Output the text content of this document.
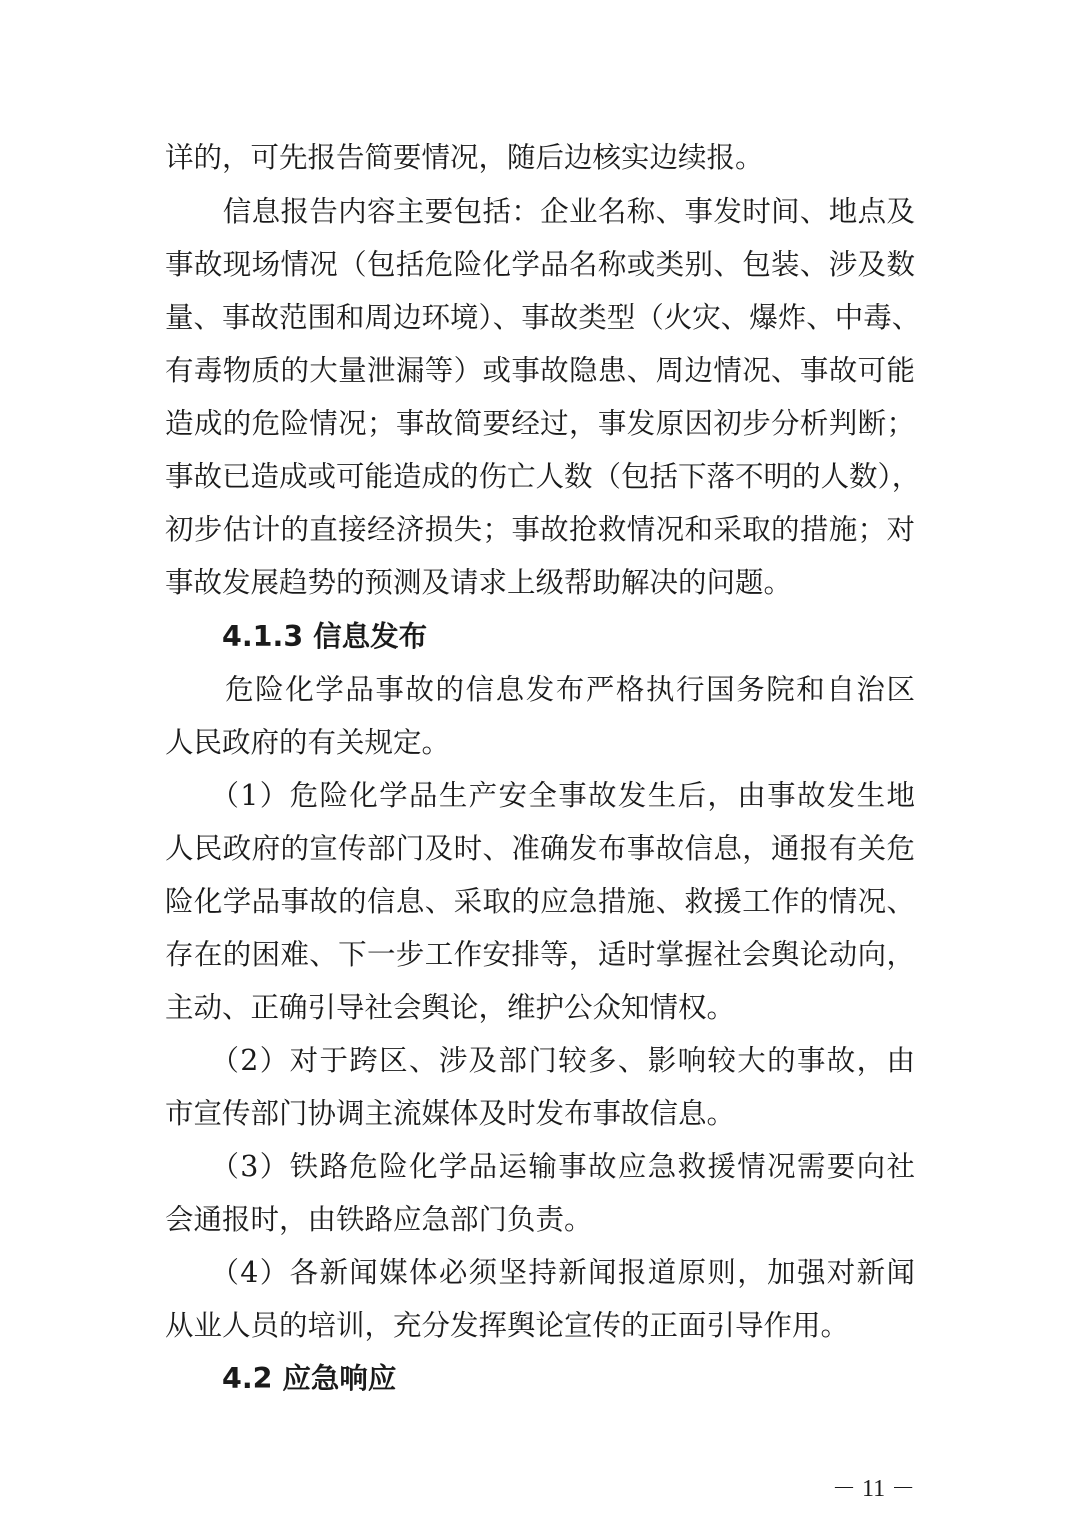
详的，可先报告简要情况，随后边核实边续报。
　　信息报告内容主要包括：企业名称、事发时间、地点及
事故现场情况（包括危险化学品名称或类别、包装、涉及数
量、事故范围和周边环境）、事故类型（火灾、爆炸、中毒、
有毒物质的大量泄漏等）或事故隐患、周边情况、事故可能
造成的危险情况；事故简要经过，事发原因初步分析判断；
事故已造成或可能造成的伤亡人数（包括下落不明的人数），
初步估计的直接经济损失；事故抢救情况和采取的措施；对
事故发展趋势的预测及请求上级帮助解决的问题。
4.1.3 信息发布
　　危险化学品事故的信息发布严格执行国务院和自治区
人民政府的有关规定。
　　（1）危险化学品生产安全事故发生后，由事故发生地
人民政府的宣传部门及时、准确发布事故信息，通报有关危
险化学品事故的信息、采取的应急措施、救援工作的情况、
存在的困难、下一步工作安排等，适时掌握社会舆论动向，
主动、正确引导社会舆论，维护公众知情权。
　　（2）对于跨区、涉及部门较多、影响较大的事故，由
市宣传部门协调主流媒体及时发布事故信息。
　　（3）铁路危险化学品运输事故应急救援情况需要向社
会通报时，由铁路应急部门负责。
　　（4）各新闻媒体必须坚持新闻报道原则，加强对新闻
从业人员的培训，充分发挥舆论宣传的正面引导作用。
4.2 应急响应
－ 11 －
